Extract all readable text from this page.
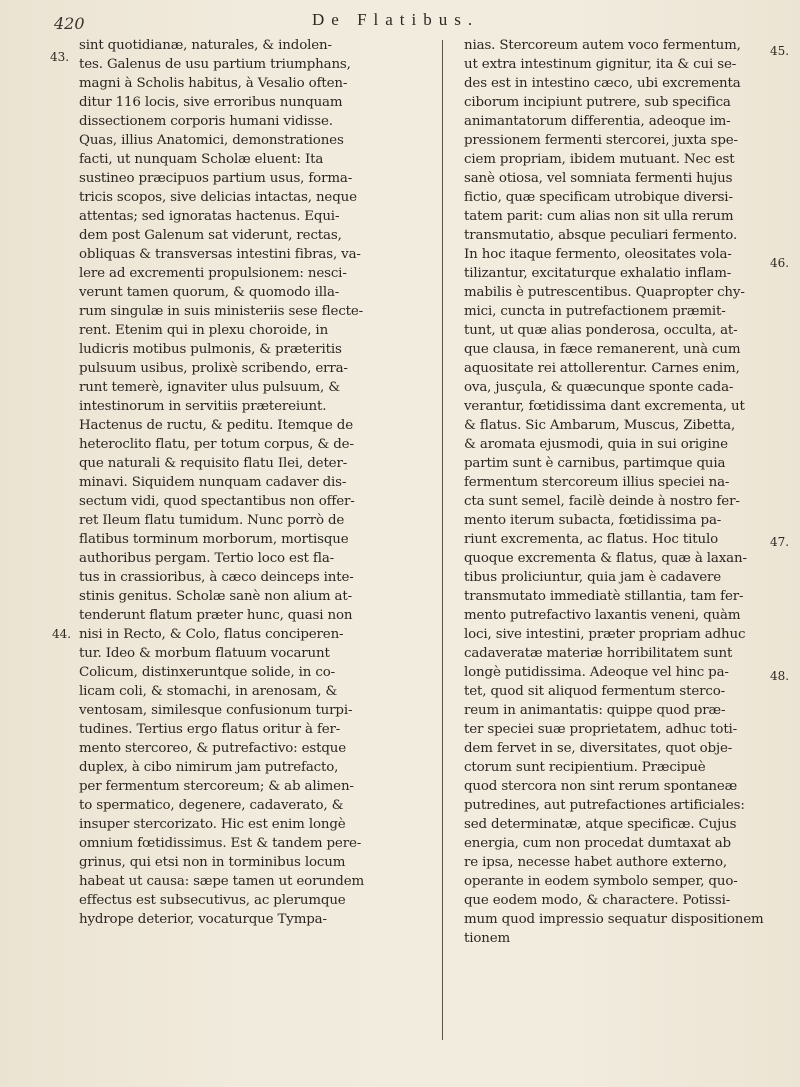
420	De Flatibus.
43.
44.
45.
46.
47.
48.
sint quotidianæ, naturales, & indolen-
tes. Galenus de usu partium triumphans,
magni à Scholis habitus, à Vesalio often-
ditur 116 locis, sive erroribus nunquam
dissectionem corporis humani vidisse.
Quas, illius Anatomici, demonstrationes
facti, ut nunquam Scholæ eluent: Ita
sustineo præcipuos partium usus, forma-
tricis scopos, sive delicias intactas, neque
attentas; sed ignoratas hactenus. Equi-
dem post Galenum sat viderunt, rectas,
obliquas & transversas intestini fibras, va-
lere ad excrementi propulsionem: nesci-
verunt tamen quorum, & quomodo illa-
rum singulæ in suis ministeriis sese flecte-
rent. Etenim qui in plexu choroide, in
ludicris motibus pulmonis, & præteritis
pulsuum usibus, prolixè scribendo, erra-
runt temerè, ignaviter ulus pulsuum, &
intestinorum in servitiis prætereiunt.
Hactenus de ructu, & peditu. Itemque de
heteroclito flatu, per totum corpus, & de-
que naturali & requisito flatu Ilei, deter-
minavi. Siquidem nunquam cadaver dis-
sectum vidi, quod spectantibus non offer-
ret Ileum flatu tumidum. Nunc porrò de
flatibus torminum morborum, mortisque
authoribus pergam. Tertio loco est fla-
tus in crassioribus, à cæco deinceps inte-
stinis genitus. Scholæ sanè non alium at-
tenderunt flatum præter hunc, quasi non
nisi in Recto, & Colo, flatus conciperen-
tur. Ideo & morbum flatuum vocarunt
Colicum, distinxeruntque solide, in co-
licam coli, & stomachi, in arenosam, &
ventosam, similesque confusionum turpi-
tudines. Tertius ergo flatus oritur à fer-
mento stercoreo, & putrefactivo: estque
duplex, à cibo nimirum jam putrefacto,
per fermentum stercoreum; & ab alimen-
to spermatico, degenere, cadaverato, &
insuper stercorizato. Hic est enim longè
omnium fœtidissimus. Est & tandem pere-
grinus, qui etsi non in torminibus locum
habeat ut causa: sæpe tamen ut eorundem
effectus est subsecutivus, ac plerumque
hydrope deterior, vocaturque Tympa-
nias. Stercoreum autem voco fermentum,
ut extra intestinum gignitur, ita & cui se-
des est in intestino cæco, ubi excrementa
ciborum incipiunt putrere, sub specifica
animantatorum differentia, adeoque im-
pressionem fermenti stercorei, juxta spe-
ciem propriam, ibidem mutuant. Nec est
sanè otiosa, vel somniata fermenti hujus
fictio, quæ specificam utrobique diversi-
tatem parit: cum alias non sit ulla rerum
transmutatio, absque peculiari fermento.
In hoc itaque fermento, oleositates vola-
tilizantur, excitaturque exhalatio inflam-
mabilis è putrescentibus. Quapropter chy-
mici, cuncta in putrefactionem præmit-
tunt, ut quæ alias ponderosa, occulta, at-
que clausa, in fæce remanerent, unà cum
aquositate rei attollerentur. Carnes enim,
ova, jusçula, & quæcunque sponte cada-
verantur, fœtidissima dant excrementa, ut
& flatus. Sic Ambarum, Muscus, Zibetta,
& aromata ejusmodi, quia in sui origine
partim sunt è carnibus, partimque quia
fermentum stercoreum illius speciei na-
cta sunt semel, facilè deinde à nostro fer-
mento iterum subacta, fœtidissima pa-
riunt excrementa, ac flatus. Hoc titulo
quoque excrementa & flatus, quæ à laxan-
tibus proliciuntur, quia jam è cadavere
transmutato immediatè stillantia, tam fer-
mento putrefactivo laxantis veneni, quàm
loci, sive intestini, præter propriam adhuc
cadaveratæ materiæ horribilitatem sunt
longè putidissima. Adeoque vel hinc pa-
tet, quod sit aliquod fermentum sterco-
reum in animantatis: quippe quod præ-
ter speciei suæ proprietatem, adhuc toti-
dem fervet in se, diversitates, quot obje-
ctorum sunt recipientium. Præcipuè
quod stercora non sint rerum spontaneæ
putredines, aut putrefactiones artificiales:
sed determinatæ, atque specificæ. Cujus
energia, cum non procedat dumtaxat ab
re ipsa, necesse habet authore externo,
operante in eodem symbolo semper, quo-
que eodem modo, & charactere. Potissi-
mum quod impressio sequatur dispositionem
tionem
